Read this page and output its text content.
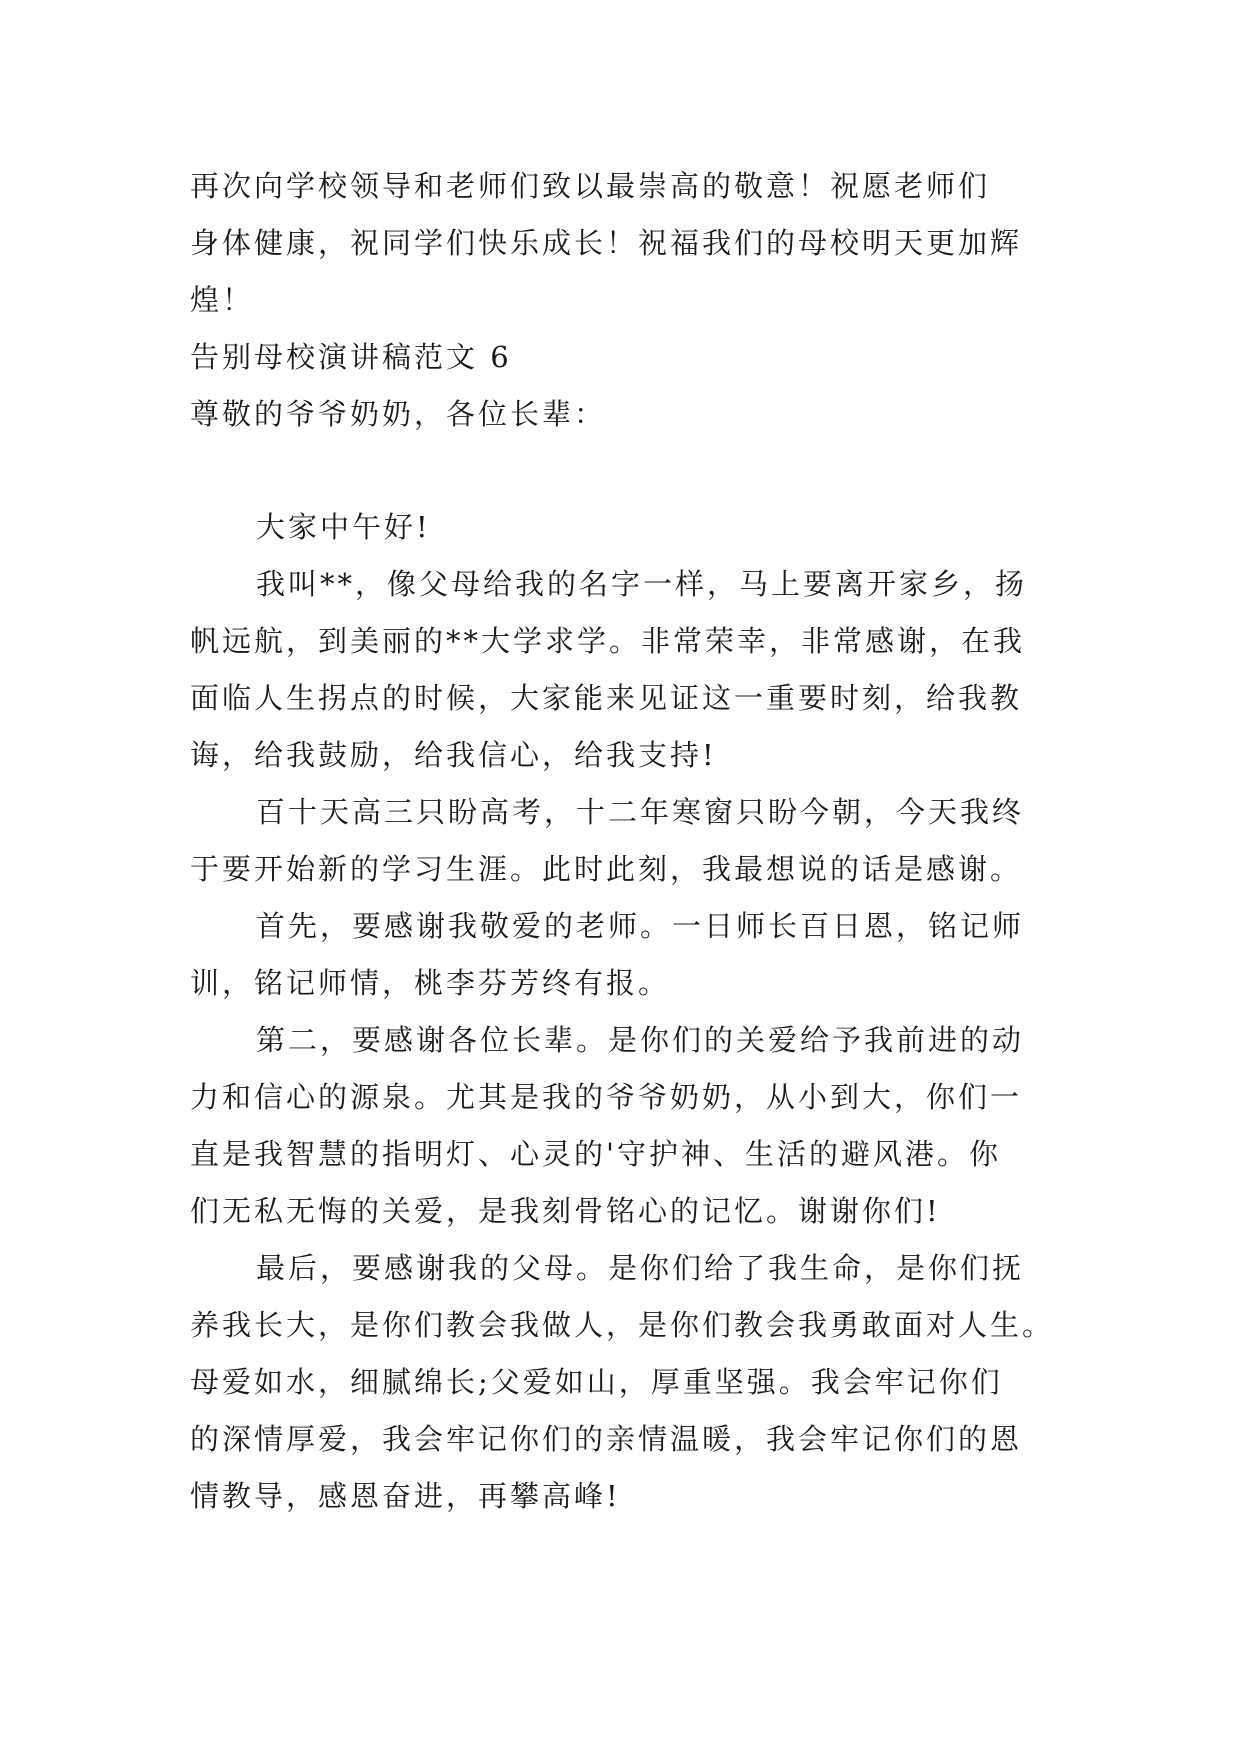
再次向学校领导和老师们致以最崇高的敬意！祝愿老师们

身体健康，祝同学们快乐成长！祝福我们的母校明天更加辉

煌！

告别母校演讲稿范文 6

尊敬的爷爷奶奶，各位长辈：

大家中午好!

我叫**，像父母给我的名字一样，马上要离开家乡，扬

帆远航，到美丽的**大学求学。非常荣幸，非常感谢，在我

面临人生拐点的时候，大家能来见证这一重要时刻，给我教

诲，给我鼓励，给我信心，给我支持!

百十天高三只盼高考，十二年寒窗只盼今朝，今天我终

于要开始新的学习生涯。此时此刻，我最想说的话是感谢。

首先，要感谢我敬爱的老师。一日师长百日恩，铭记师

训，铭记师情，桃李芬芳终有报。

第二，要感谢各位长辈。是你们的关爱给予我前进的动

力和信心的源泉。尤其是我的爷爷奶奶，从小到大，你们一

直是我智慧的指明灯、心灵的'守护神、生活的避风港。你

们无私无悔的关爱，是我刻骨铭心的记忆。谢谢你们!

最后，要感谢我的父母。是你们给了我生命，是你们抚

养我长大，是你们教会我做人，是你们教会我勇敢面对人生。

母爱如水，细腻绵长;父爱如山，厚重坚强。我会牢记你们

的深情厚爱，我会牢记你们的亲情温暖，我会牢记你们的恩

情教导，感恩奋进，再攀高峰!
